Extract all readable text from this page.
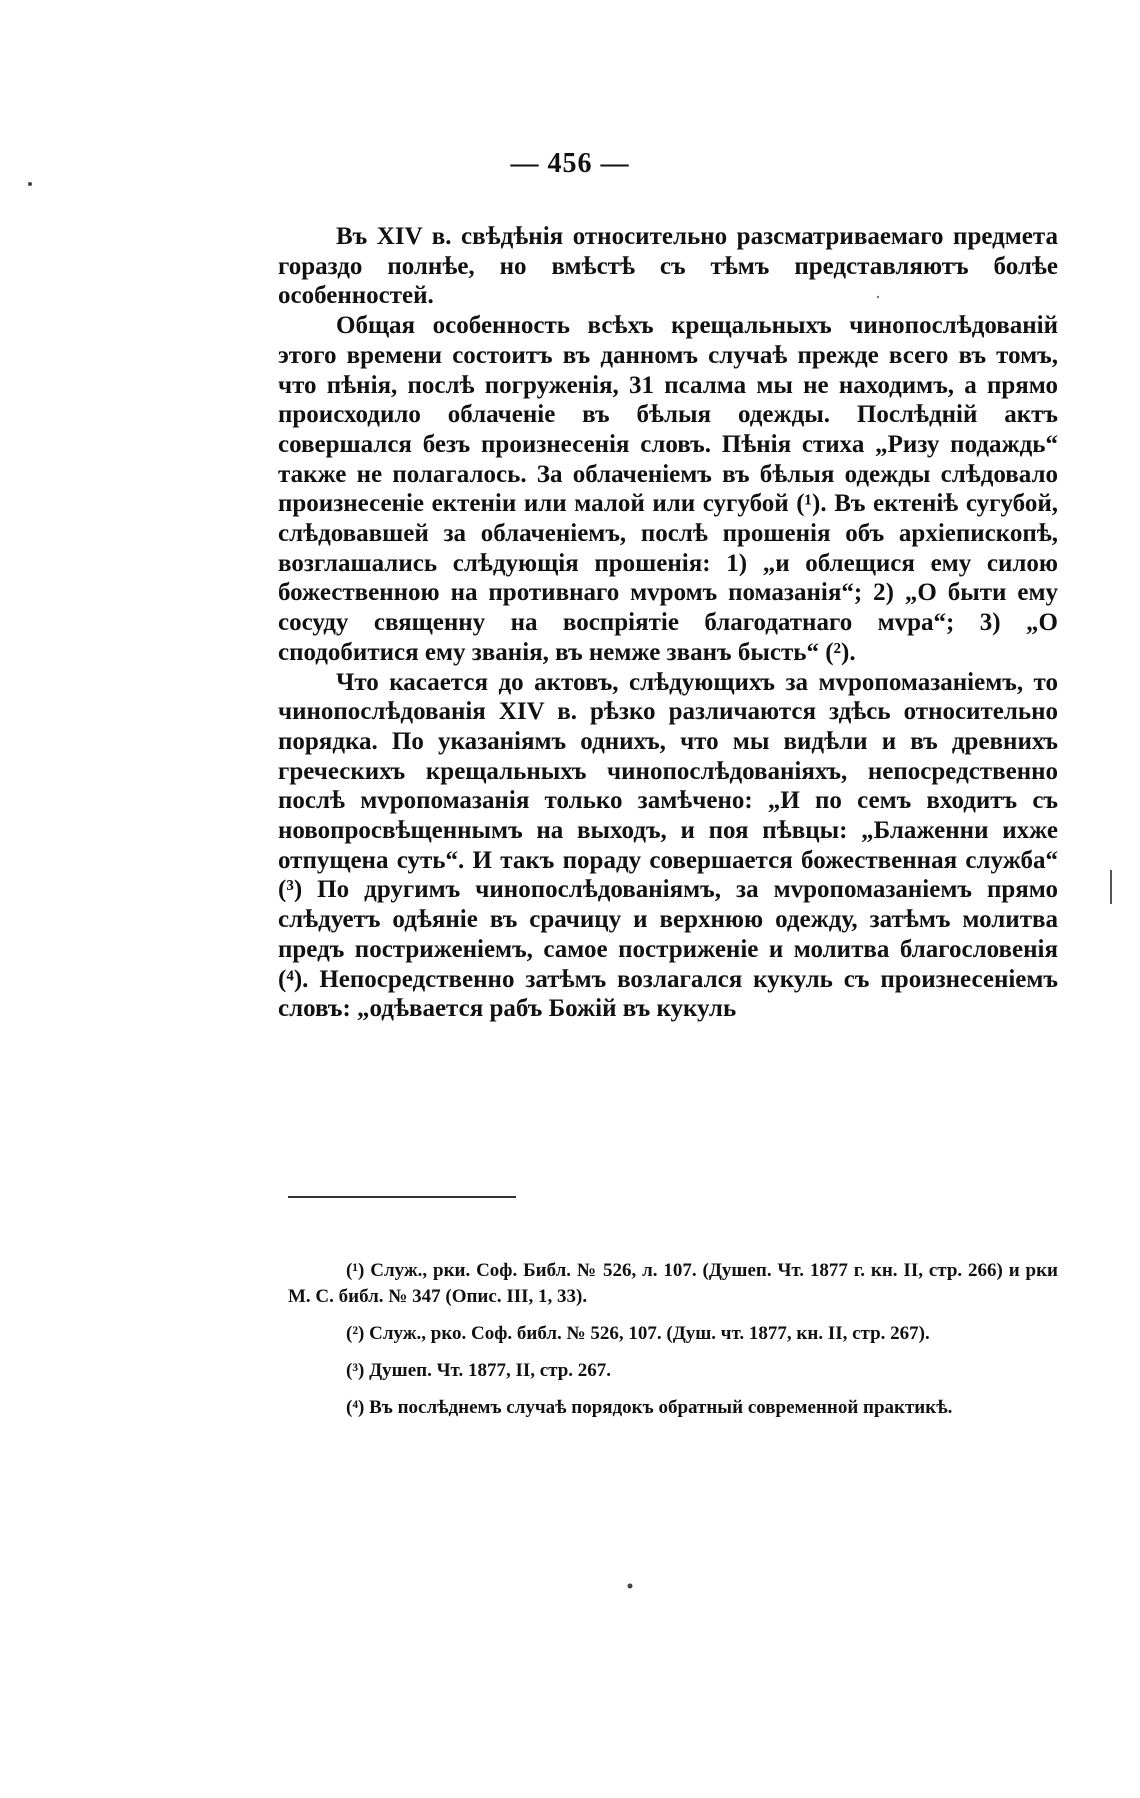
— 456 —

Въ XIV в. свѣдѣнія относительно разсматриваемаго предмета гораздо полнѣе, но вмѣстѣ съ тѣмъ представляютъ болѣе особенностей.

Общая особенность всѣхъ крещальныхъ чинопослѣдованій этого времени состоитъ въ данномъ случаѣ прежде всего въ томъ, что пѣнія, послѣ погруженія, 31 псалма мы не находимъ, а прямо происходило облаченіе въ бѣлыя одежды. Послѣдній актъ совершался безъ произнесенія словъ. Пѣнія стиха „Ризу подаждь“ также не полагалось. За облаченіемъ въ бѣлыя одежды слѣдовало произнесеніе ектеніи или малой или сугубой (¹). Въ ектеніѣ сугубой, слѣдовавшей за облаченіемъ, послѣ прошенія объ архіепископѣ, возглашались слѣдующія прошенія: 1) „и облещися ему силою божественною на противнаго мvромъ помазанія“; 2) „О быти ему сосуду священну на воспріятіе благодатнаго мvра“; 3) „О сподобитися ему званія, въ немже званъ бысть“ (²).

Что касается до актовъ, слѣдующихъ за мvропомазаніемъ, то чинопослѣдованія XIV в. рѣзко различаются здѣсь относительно порядка. По указаніямъ однихъ, что мы видѣли и въ древнихъ греческихъ крещальныхъ чинопослѣдованіяхъ, непосредственно послѣ мvропомазанія только замѣчено: „И по семъ входитъ съ новопросвѣщеннымъ на выходъ, и поя пѣвцы: „Блаженни ихже отпущена суть“. И такъ пораду совершается божественная служба“ (³) По другимъ чинопослѣдованіямъ, за мvропомазаніемъ прямо слѣдуетъ одѣяніе въ срачицу и верхнюю одежду, затѣмъ молитва предъ постриженіемъ, самое постриженіе и молитва благословенія (⁴). Непосредственно затѣмъ возлагался кукуль съ произнесеніемъ словъ: „одѣвается рабъ Божій въ кукуль

(¹) Служ., рки. Соф. Библ. № 526, л. 107. (Душеп. Чт. 1877 г. кн. II, стр. 266) и рки М. С. библ. № 347 (Опис. III, 1, 33).

(²) Служ., рко. Соф. библ. № 526, 107. (Душ. чт. 1877, кн. II, стр. 267).

(³) Душеп. Чт. 1877, II, стр. 267.

(⁴) Въ послѣднемъ случаѣ порядокъ обратный современной практикѣ.
